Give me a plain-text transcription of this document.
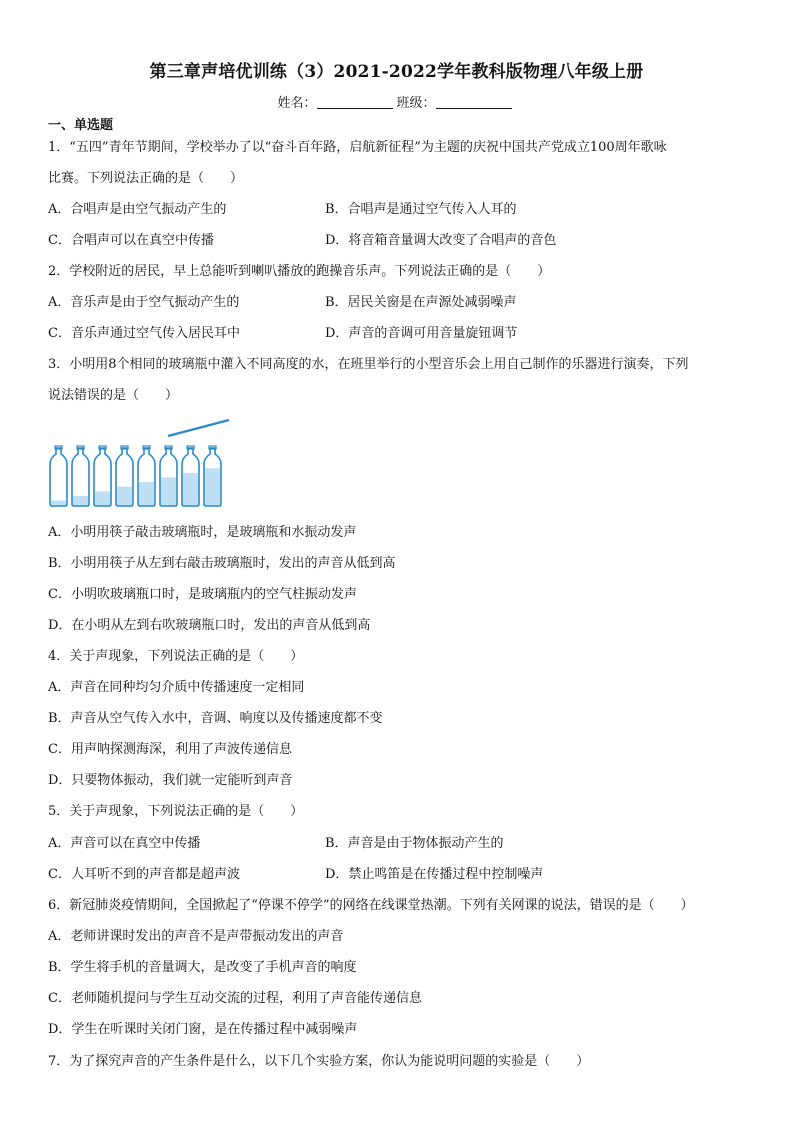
第三章声培优训练（3）2021-2022学年教科版物理八年级上册
姓名：	班级：
一、单选题
1．“五四”青年节期间，学校举办了以“奋斗百年路，启航新征程”为主题的庆祝中国共产党成立100周年歌咏
比赛。下列说法正确的是（　　）
A．合唱声是由空气振动产生的	B．合唱声是通过空气传入人耳的
C．合唱声可以在真空中传播	D．将音箱音量调大改变了合唱声的音色
2．学校附近的居民，早上总能听到喇叭播放的跑操音乐声。下列说法正确的是（　　）
A．音乐声是由于空气振动产生的	B．居民关窗是在声源处减弱噪声
C．音乐声通过空气传入居民耳中	D．声音的音调可用音量旋钮调节
3．小明用8个相同的玻璃瓶中灌入不同高度的水，在班里举行的小型音乐会上用自己制作的乐器进行演奏，下列
说法错误的是（　　）
A．小明用筷子敲击玻璃瓶时，是玻璃瓶和水振动发声
B．小明用筷子从左到右敲击玻璃瓶时，发出的声音从低到高
C．小明吹玻璃瓶口时，是玻璃瓶内的空气柱振动发声
D．在小明从左到右吹玻璃瓶口时，发出的声音从低到高
4．关于声现象，下列说法正确的是（　　）
A．声音在同种均匀介质中传播速度一定相同
B．声音从空气传入水中，音调、响度以及传播速度都不变
C．用声呐探测海深，利用了声波传递信息
D．只要物体振动，我们就一定能听到声音
5．关于声现象，下列说法正确的是（　　）
A．声音可以在真空中传播	B．声音是由于物体振动产生的
C．人耳听不到的声音都是超声波	D．禁止鸣笛是在传播过程中控制噪声
6．新冠肺炎疫情期间，全国掀起了“停课不停学”的网络在线课堂热潮。下列有关网课的说法，错误的是（　　）
A．老师讲课时发出的声音不是声带振动发出的声音
B．学生将手机的音量调大，是改变了手机声音的响度
C．老师随机提问与学生互动交流的过程，利用了声音能传递信息
D．学生在听课时关闭门窗，是在传播过程中减弱噪声
7．为了探究声音的产生条件是什么，以下几个实验方案，你认为能说明问题的实验是（　　）
